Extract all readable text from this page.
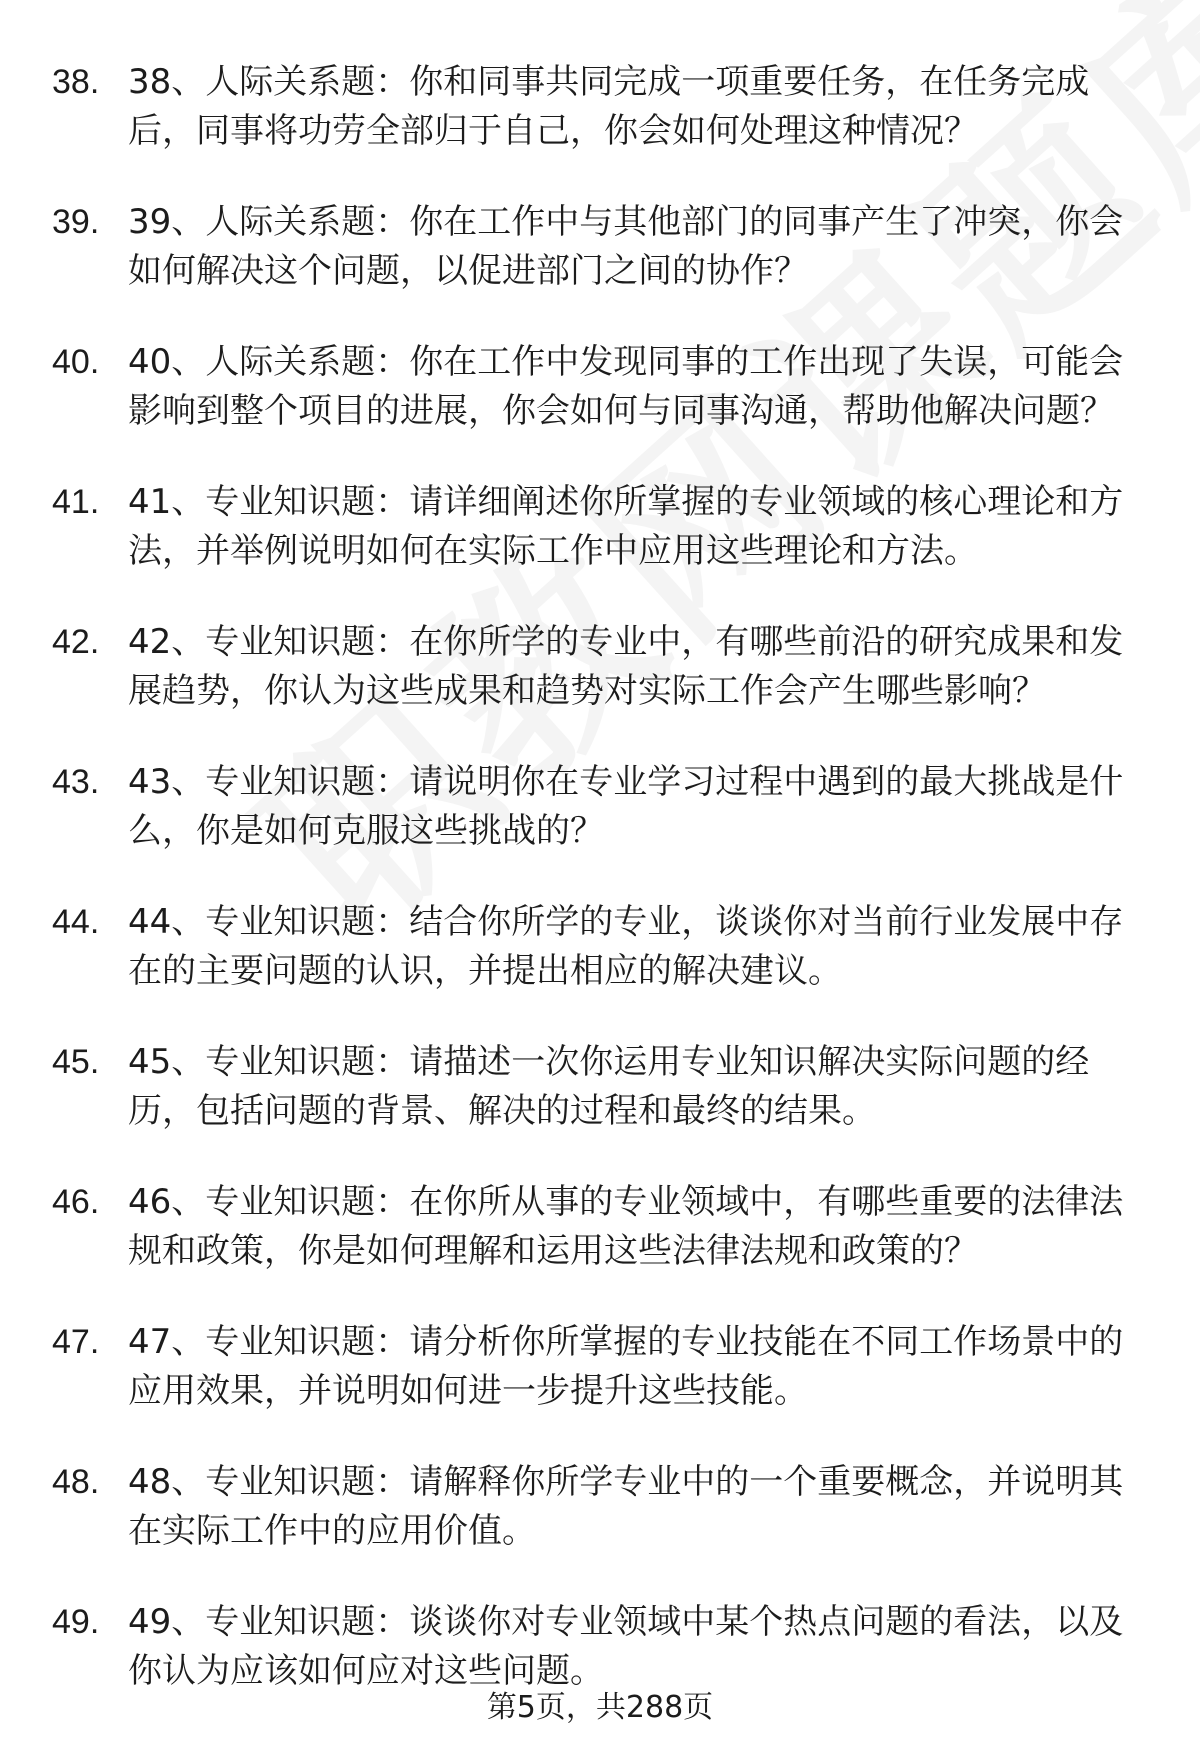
38. 38、人际关系题：你和同事共同完成一项重要任务，在任务完成后，同事将功劳全部归于自己，你会如何处理这种情况？
39. 39、人际关系题：你在工作中与其他部门的同事产生了冲突，你会如何解决这个问题，以促进部门之间的协作？
40. 40、人际关系题：你在工作中发现同事的工作出现了失误，可能会影响到整个项目的进展，你会如何与同事沟通，帮助他解决问题？
41. 41、专业知识题：请详细阐述你所掌握的专业领域的核心理论和方法，并举例说明如何在实际工作中应用这些理论和方法。
42. 42、专业知识题：在你所学的专业中，有哪些前沿的研究成果和发展趋势，你认为这些成果和趋势对实际工作会产生哪些影响？
43. 43、专业知识题：请说明你在专业学习过程中遇到的最大挑战是什么，你是如何克服这些挑战的？
44. 44、专业知识题：结合你所学的专业，谈谈你对当前行业发展中存在的主要问题的认识，并提出相应的解决建议。
45. 45、专业知识题：请描述一次你运用专业知识解决实际问题的经历，包括问题的背景、解决的过程和最终的结果。
46. 46、专业知识题：在你所从事的专业领域中，有哪些重要的法律法规和政策，你是如何理解和运用这些法律法规和政策的？
47. 47、专业知识题：请分析你所掌握的专业技能在不同工作场景中的应用效果，并说明如何进一步提升这些技能。
48. 48、专业知识题：请解释你所学专业中的一个重要概念，并说明其在实际工作中的应用价值。
49. 49、专业知识题：谈谈你对专业领域中某个热点问题的看法，以及你认为应该如何应对这些问题。
第5页，共288页
